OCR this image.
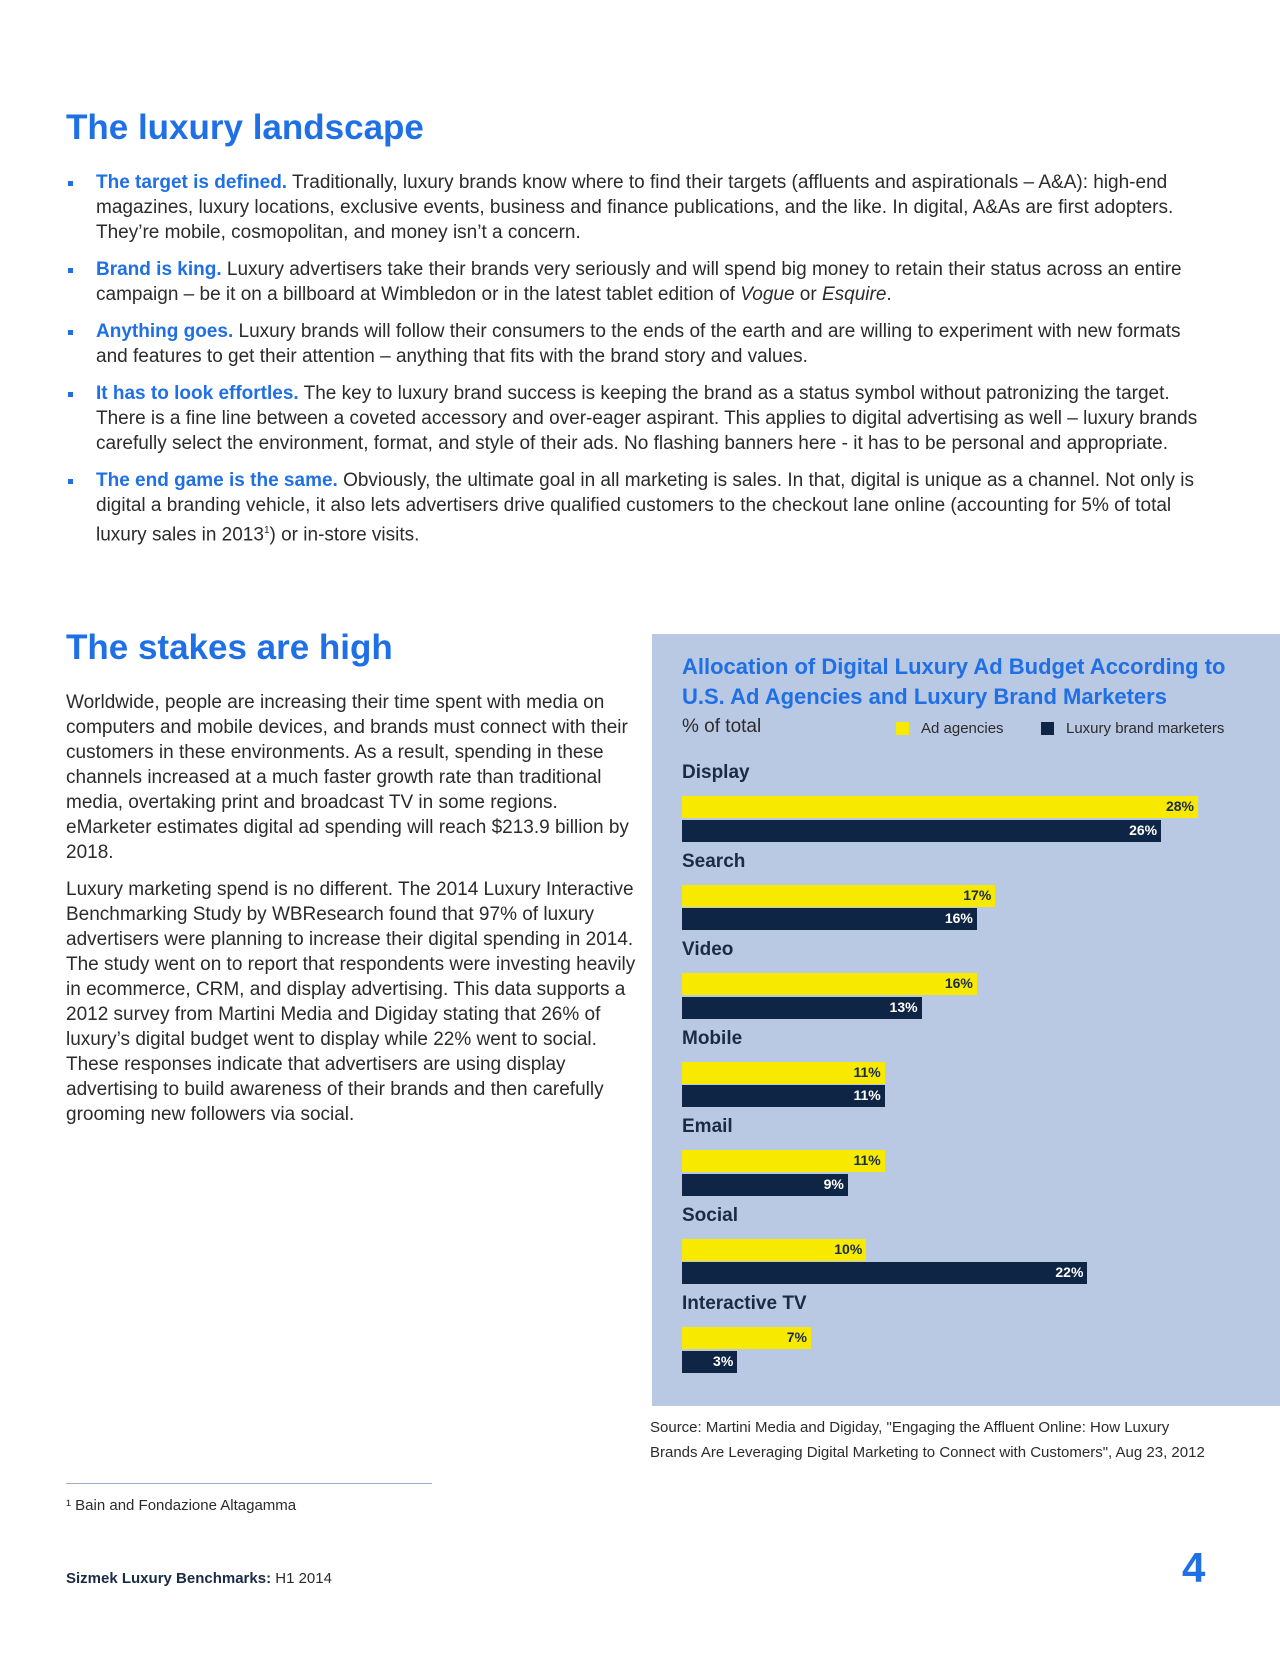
The luxury landscape
The target is defined. Traditionally, luxury brands know where to find their targets (affluents and aspirationals – A&A): high-end magazines, luxury locations, exclusive events, business and finance publications, and the like. In digital, A&As are first adopters. They’re mobile, cosmopolitan, and money isn’t a concern.
Brand is king. Luxury advertisers take their brands very seriously and will spend big money to retain their status across an entire campaign – be it on a billboard at Wimbledon or in the latest tablet edition of Vogue or Esquire.
Anything goes. Luxury brands will follow their consumers to the ends of the earth and are willing to experiment with new formats and features to get their attention – anything that fits with the brand story and values.
It has to look effortles. The key to luxury brand success is keeping the brand as a status symbol without patronizing the target. There is a fine line between a coveted accessory and over-eager aspirant. This applies to digital advertising as well – luxury brands carefully select the environment, format, and style of their ads. No flashing banners here - it has to be personal and appropriate.
The end game is the same. Obviously, the ultimate goal in all marketing is sales. In that, digital is unique as a channel. Not only is digital a branding vehicle, it also lets advertisers drive qualified customers to the checkout lane online (accounting for 5% of total luxury sales in 2013$^1$) or in-store visits.
The stakes are high

Worldwide, people are increasing their time spent with media on computers and mobile devices, and brands must connect with their customers in these environments. As a result, spending in these channels increased at a much faster growth rate than traditional media, overtaking print and broadcast TV in some regions. eMarketer estimates digital ad spending will reach $213.9 billion by 2018.

Luxury marketing spend is no different. The 2014 Luxury Interactive Benchmarking Study by WBResearch found that 97% of luxury advertisers were planning to increase their digital spending in 2014. The study went on to report that respondents were investing heavily in ecommerce, CRM, and display advertising. This data supports a 2012 survey from Martini Media and Digiday stating that 26% of luxury’s digital budget went to display while 22% went to social. These responses indicate that advertisers are using display advertising to build awareness of their brands and then carefully grooming new followers via social.

Allocation of Digital Luxury Ad Budget According to U.S. Ad Agencies and Luxury Brand Marketers
% of total	Ad agencies	Luxury brand marketers
Display
28%
26%
Search
17%
16%
Video
16%
13%
Mobile
11%
11%
Email
11%
9%
Social
10%
22%
Interactive TV
7%
3%
Source: Martini Media and Digiday, "Engaging the Affluent Online: How Luxury Brands Are Leveraging Digital Marketing to Connect with Customers", Aug 23, 2012
¹ Bain and Fondazione Altagamma
Sizmek Luxury Benchmarks: H1 2014	4
